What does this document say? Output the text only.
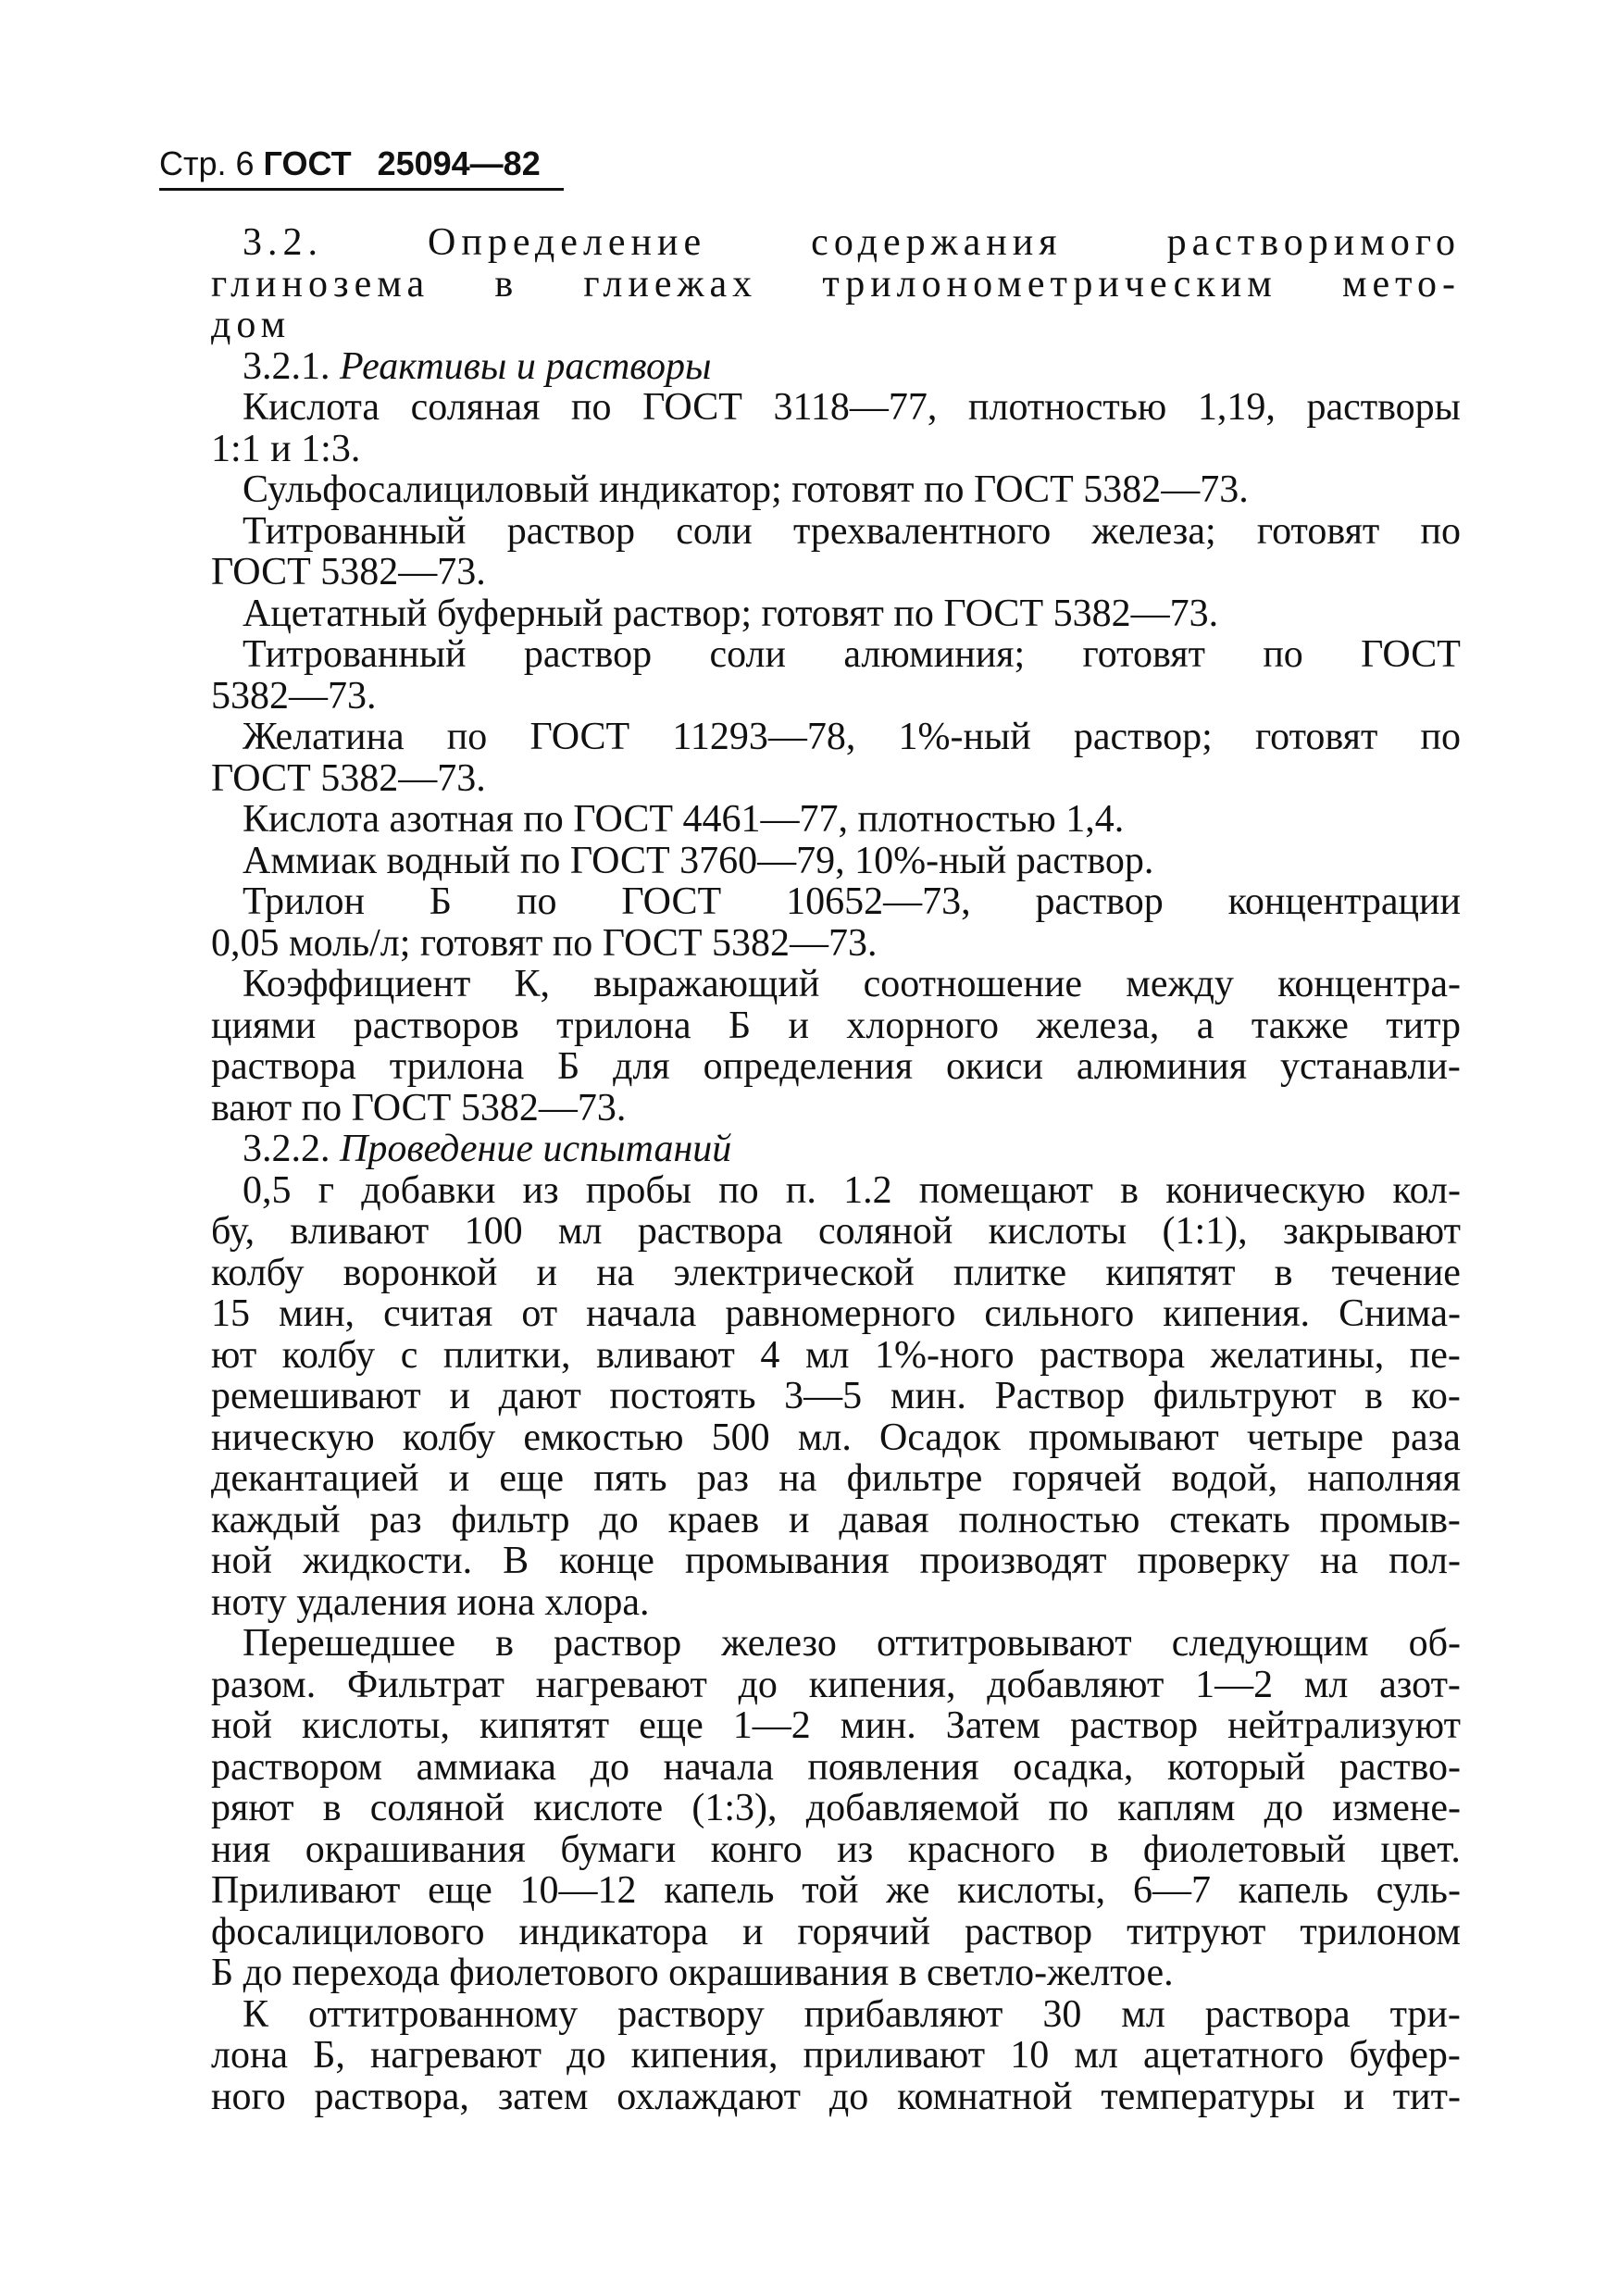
Стр. 6 ГОСТ 25094—82
3.2.	Определение	содержания	растворимого
глинозема в глиежах трилонометрическим мето-
дом
3.2.1. Реактивы и растворы
Кислота соляная по ГОСТ 3118—77, плотностью 1,19, растворы
1:1 и 1:3.
Сульфосалициловый индикатор; готовят по ГОСТ 5382—73.
Титрованный раствор соли трехвалентного железа; готовят по
ГОСТ 5382—73.
Ацетатный буферный раствор; готовят по ГОСТ 5382—73.
Титрованный раствор соли алюминия; готовят по ГОСТ
5382—73.
Желатина по ГОСТ 11293—78, 1%-ный раствор; готовят по
ГОСТ 5382—73.
Кислота азотная по ГОСТ 4461—77, плотностью 1,4.
Аммиак водный по ГОСТ 3760—79, 10%-ный раствор.
Трилон Б по ГОСТ 10652—73, раствор концентрации
0,05 моль/л; готовят по ГОСТ 5382—73.
Коэффициент К, выражающий соотношение между концентра-
циями растворов трилона Б и хлорного железа, а также титр
раствора трилона Б для определения окиси алюминия устанавли-
вают по ГОСТ 5382—73.
3.2.2. Проведение испытаний
0,5 г добавки из пробы по п. 1.2 помещают в коническую кол-
бу, вливают 100 мл раствора соляной кислоты (1:1), закрывают
колбу воронкой и на электрической плитке кипятят в течение
15 мин, считая от начала равномерного сильного кипения. Снима-
ют колбу с плитки, вливают 4 мл 1%-ного раствора желатины, пе-
ремешивают и дают постоять 3—5 мин. Раствор фильтруют в ко-
ническую колбу емкостью 500 мл. Осадок промывают четыре раза
декантацией и еще пять раз на фильтре горячей водой, наполняя
каждый раз фильтр до краев и давая полностью стекать промыв-
ной жидкости. В конце промывания производят проверку на пол-
ноту удаления иона хлора.
Перешедшее в раствор железо оттитровывают следующим об-
разом. Фильтрат нагревают до кипения, добавляют 1—2 мл азот-
ной кислоты, кипятят еще 1—2 мин. Затем раствор нейтрализуют
раствором аммиака до начала появления осадка, который раство-
ряют в соляной кислоте (1:3), добавляемой по каплям до измене-
ния окрашивания бумаги конго из красного в фиолетовый цвет.
Приливают еще 10—12 капель той же кислоты, 6—7 капель суль-
фосалицилового индикатора и горячий раствор титруют трилоном
Б до перехода фиолетового окрашивания в светло-желтое.
К оттитрованному раствору прибавляют 30 мл раствора три-
лона Б, нагревают до кипения, приливают 10 мл ацетатного буфер-
ного раствора, затем охлаждают до комнатной температуры и тит-
